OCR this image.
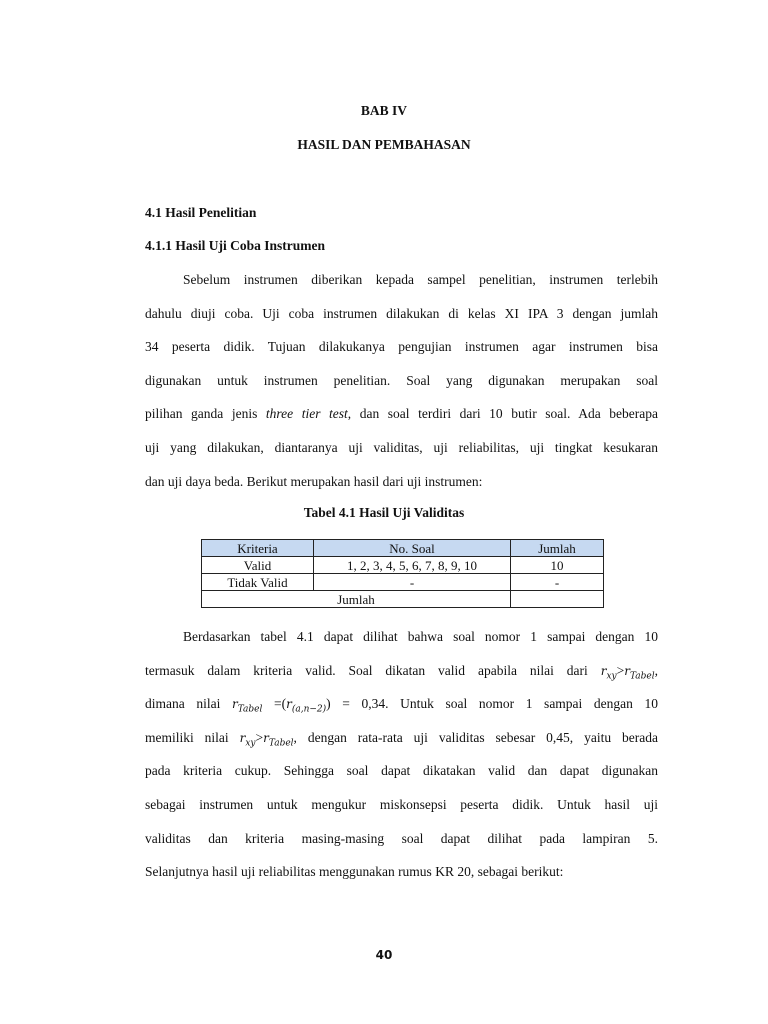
BAB IV
HASIL DAN PEMBAHASAN
4.1 Hasil Penelitian
4.1.1 Hasil Uji Coba Instrumen
Sebelum instrumen diberikan kepada sampel penelitian, instrumen terlebih
dahulu diuji coba. Uji coba instrumen dilakukan di kelas XI IPA 3 dengan jumlah
34 peserta didik. Tujuan dilakukanya pengujian instrumen agar instrumen bisa
digunakan untuk instrumen penelitian. Soal yang digunakan merupakan soal
pilihan ganda jenis three tier test, dan soal terdiri dari 10 butir soal. Ada beberapa
uji yang dilakukan, diantaranya uji validitas, uji reliabilitas, uji tingkat kesukaran
dan uji daya beda. Berikut merupakan hasil dari uji instrumen:
Tabel 4.1 Hasil Uji Validitas
Kriteria	No. Soal	Jumlah
Valid	1, 2, 3, 4, 5, 6, 7, 8, 9, 10	10
Tidak Valid	-	-
Jumlah		
Berdasarkan tabel 4.1 dapat dilihat bahwa soal nomor 1 sampai dengan 10
termasuk dalam kriteria valid. Soal dikatan valid apabila nilai dari $r_{xy}>r_{Tabel}$,
dimana nilai $r_{Tabel} =(r_{(a,n-2)}) = 0,34$. Untuk soal nomor 1 sampai dengan 10
memiliki nilai $r_{xy}>r_{Tabel}$, dengan rata-rata uji validitas sebesar 0,45, yaitu berada
pada kriteria cukup. Sehingga soal dapat dikatakan valid dan dapat digunakan
sebagai instrumen untuk mengukur miskonsepsi peserta didik. Untuk hasil uji
validitas dan kriteria masing-masing soal dapat dilihat pada lampiran 5.
Selanjutnya hasil uji reliabilitas menggunakan rumus KR 20, sebagai berikut:
40
